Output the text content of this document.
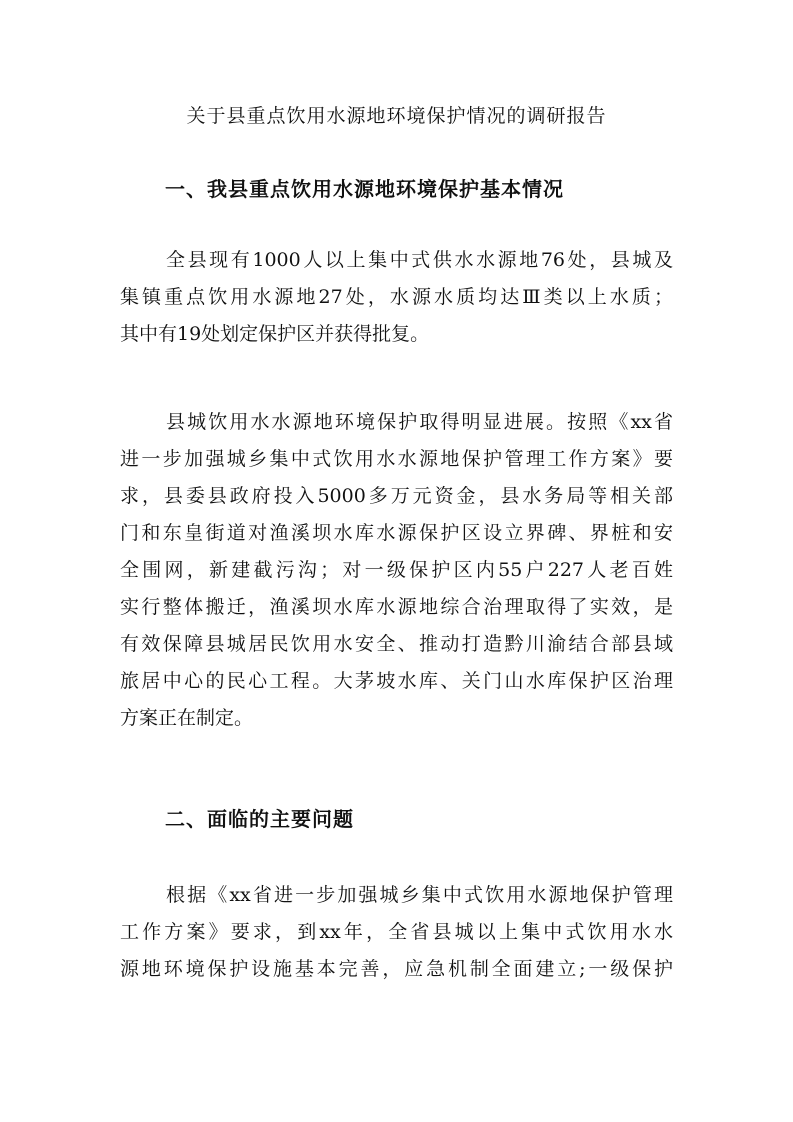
关于县重点饮用水源地环境保护情况的调研报告
一、我县重点饮用水源地环境保护基本情况
全县现有1000人以上集中式供水水源地76处，县城及
集镇重点饮用水源地27处，水源水质均达Ⅲ类以上水质；
其中有19处划定保护区并获得批复。
县城饮用水水源地环境保护取得明显进展。按照《xx省
进一步加强城乡集中式饮用水水源地保护管理工作方案》要
求，县委县政府投入5000多万元资金，县水务局等相关部
门和东皇街道对渔溪坝水库水源保护区设立界碑、界桩和安
全围网，新建截污沟；对一级保护区内55户227人老百姓
实行整体搬迁，渔溪坝水库水源地综合治理取得了实效，是
有效保障县城居民饮用水安全、推动打造黔川渝结合部县域
旅居中心的民心工程。大茅坡水库、关门山水库保护区治理
方案正在制定。
二、面临的主要问题
根据《xx省进一步加强城乡集中式饮用水源地保护管理
工作方案》要求，到xx年，全省县城以上集中式饮用水水
源地环境保护设施基本完善，应急机制全面建立;一级保护
